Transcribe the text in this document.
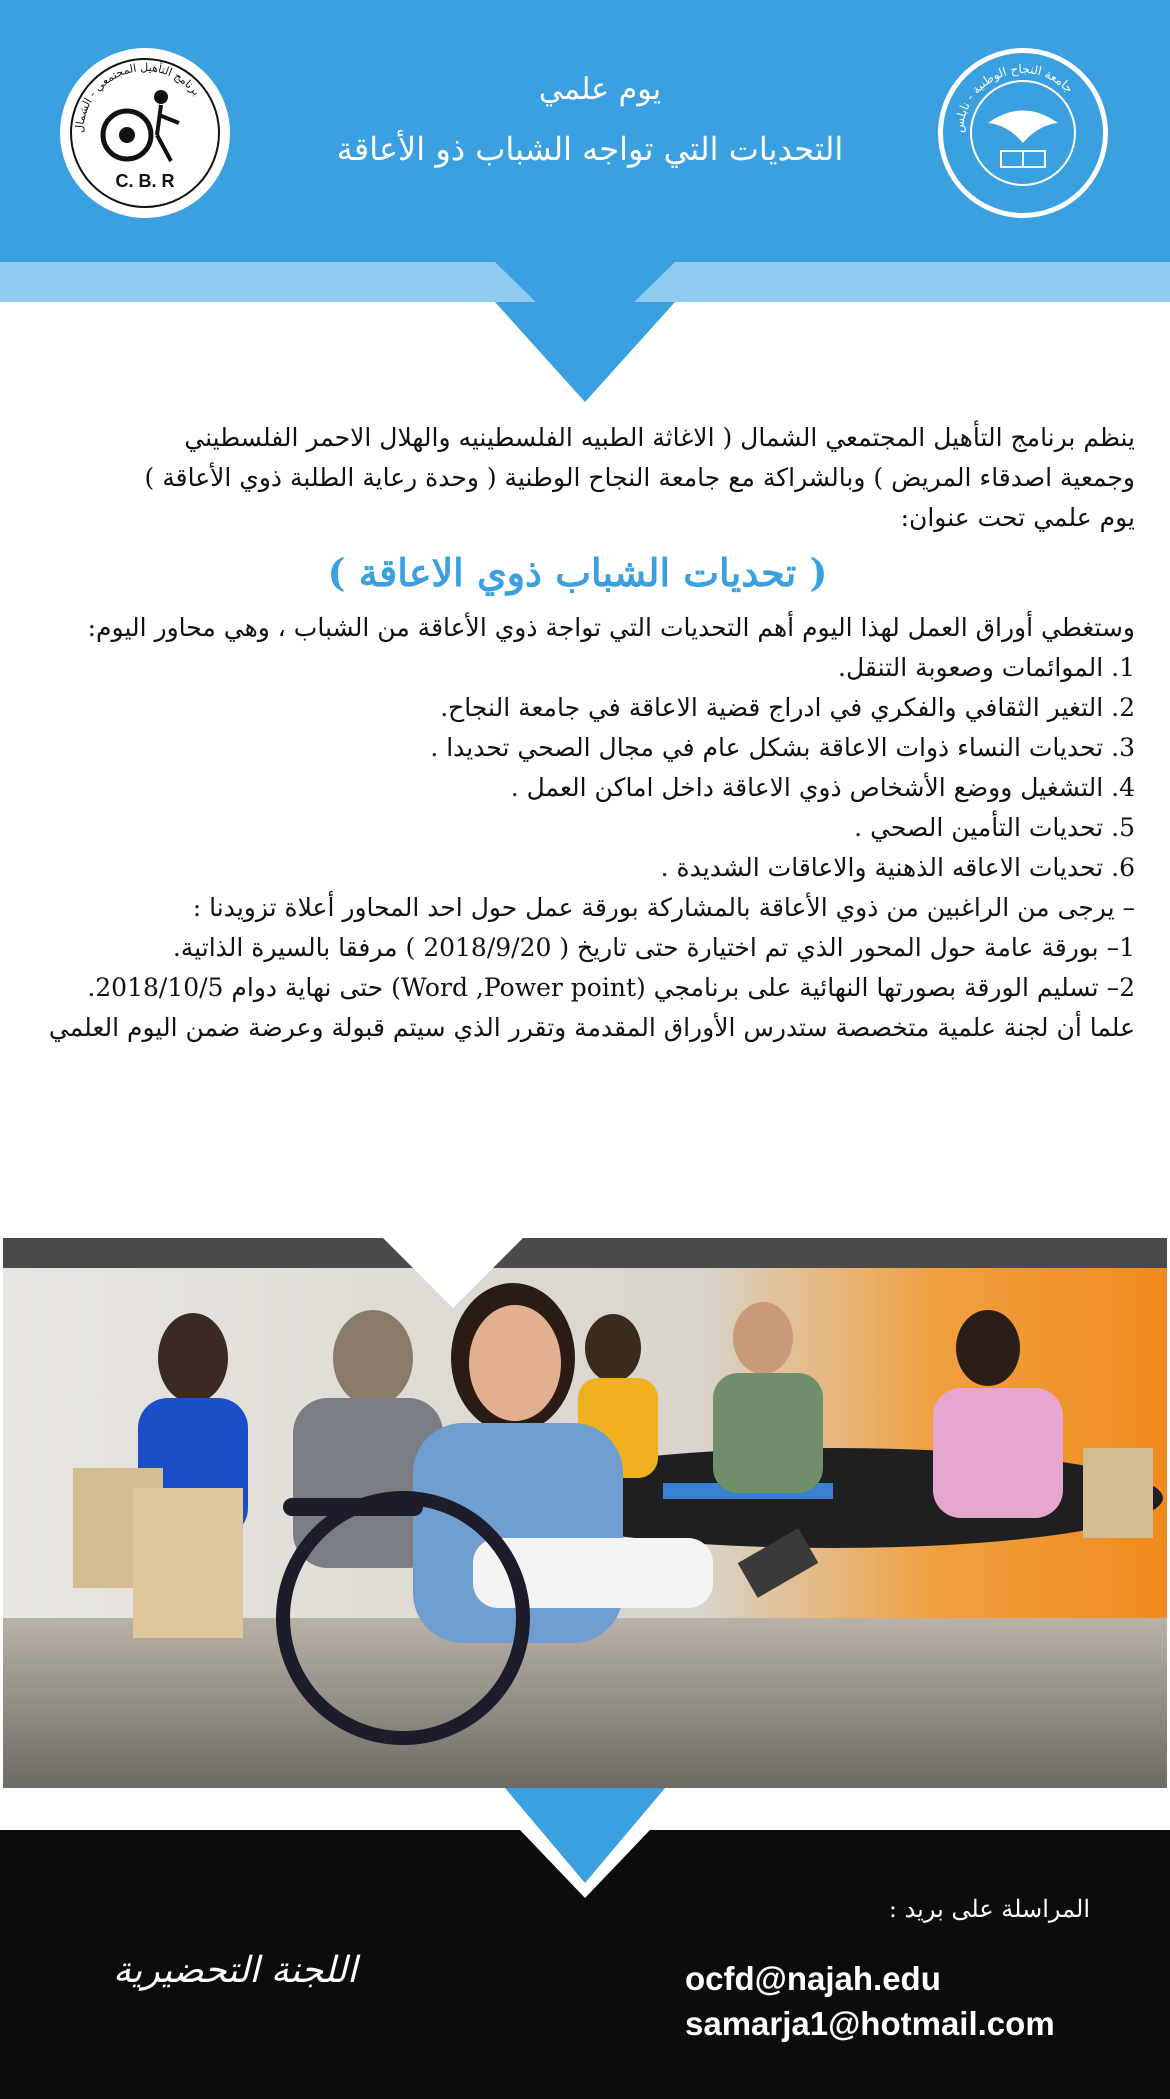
برنامج التأهيل المجتمعي - الشمال
C. B. R
جامعة النجاح الوطنية - نابلس
يوم علمي
التحديات التي تواجه الشباب ذو الأعاقة

ينظم برنامج التأهيل المجتمعي الشمال ( الاغاثة الطبيه الفلسطينيه والهلال الاحمر الفلسطيني

وجمعية اصدقاء المريض ) وبالشراكة مع جامعة النجاح الوطنية ( وحدة رعاية الطلبة ذوي الأعاقة )

يوم علمي تحت عنوان:

( تحديات الشباب ذوي الاعاقة )

وستغطي أوراق العمل لهذا اليوم أهم التحديات التي تواجة ذوي الأعاقة من الشباب ، وهي محاور اليوم:

1. الموائمات وصعوبة التنقل.

2. التغير الثقافي والفكري في ادراج قضية الاعاقة في جامعة النجاح.

3. تحديات النساء ذوات الاعاقة بشكل عام في مجال الصحي تحديدا .

4. التشغيل ووضع الأشخاص ذوي الاعاقة داخل اماكن العمل .

5. تحديات التأمين الصحي .

6. تحديات الاعاقه الذهنية والاعاقات الشديدة .

– يرجى من الراغبين من ذوي الأعاقة بالمشاركة بورقة عمل حول احد المحاور أعلاة تزويدنا :

1– بورقة عامة حول المحور الذي تم اختيارة حتى تاريخ ( 2018/9/20 ) مرفقا بالسيرة الذاتية.

2– تسليم الورقة بصورتها النهائية على برنامجي (Word ,Power point) حتى نهاية دوام 2018/10/5.

علما أن لجنة علمية متخصصة ستدرس الأوراق المقدمة وتقرر الذي سيتم قبولة وعرضة ضمن اليوم العلمي

المراسلة على بريد :
ocfd@najah.edu
samarja1@hotmail.com
اللجنة التحضيرية
